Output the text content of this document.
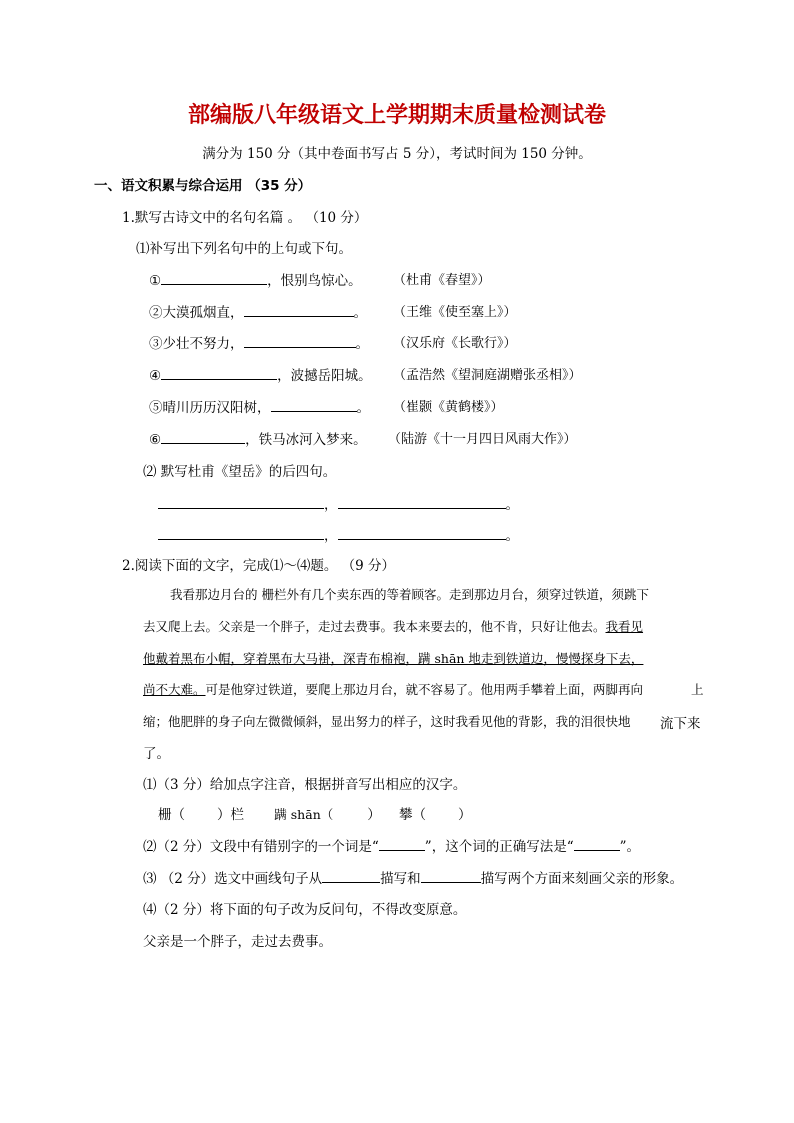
部编版八年级语文上学期期末质量检测试卷
满分为 150 分（其中卷面书写占 5 分），考试时间为 150 分钟。
一、语文积累与综合运用 （35 分）
1.默写古诗文中的名句名篇 。 （10 分）
⑴补写出下列名句中的上句或下句。
①	，恨别鸟惊心。 （杜甫《春望》）
②大漠孤烟直，	。 （王维《使至塞上》）
③少壮不努力，	。 （汉乐府《长歌行》）
④	，波撼岳阳城。 （孟浩然《望洞庭湖赠张丞相》）
⑤晴川历历汉阳树，	。 （崔颢《黄鹤楼》）
⑥	，铁马冰河入梦来。 （陆游《十一月四日风雨大作》）
⑵ 默写杜甫《望岳》的后四句。
，	。
，	。
2.阅读下面的文字，完成⑴～⑷题。 （9 分）
我看那边月台的 栅栏外有几个卖东西的等着顾客。走到那边月台，须穿过铁道，须跳下
去又爬上去。父亲是一个胖子，走过去费事。我本来要去的，他不肯，只好让他去。我看见
他戴着黑布小帽，穿着黑布大马褂，深青布棉袍，蹒 shān 地走到铁道边，慢慢探身下去，
尚不大难。可是他穿过铁道，要爬上那边月台，就不容易了。他用两手攀着上面，两脚再向	上
缩；他肥胖的身子向左微微倾斜，显出努力的样子，这时我看见他的背影，我的泪很快地 流下来
了。
⑴（3 分）给加点字注音，根据拼音写出相应的汉字。
栅（ ）栏 蹒 shān（	） 攀（ ）
⑵（2 分）文段中有错别字的一个词是“	”，这个词的正确写法是“	”。
⑶ （2 分）选文中画线句子从	描写和	描写两个方面来刻画父亲的形象。
⑷（2 分）将下面的句子改为反问句，不得改变原意。
父亲是一个胖子，走过去费事。
